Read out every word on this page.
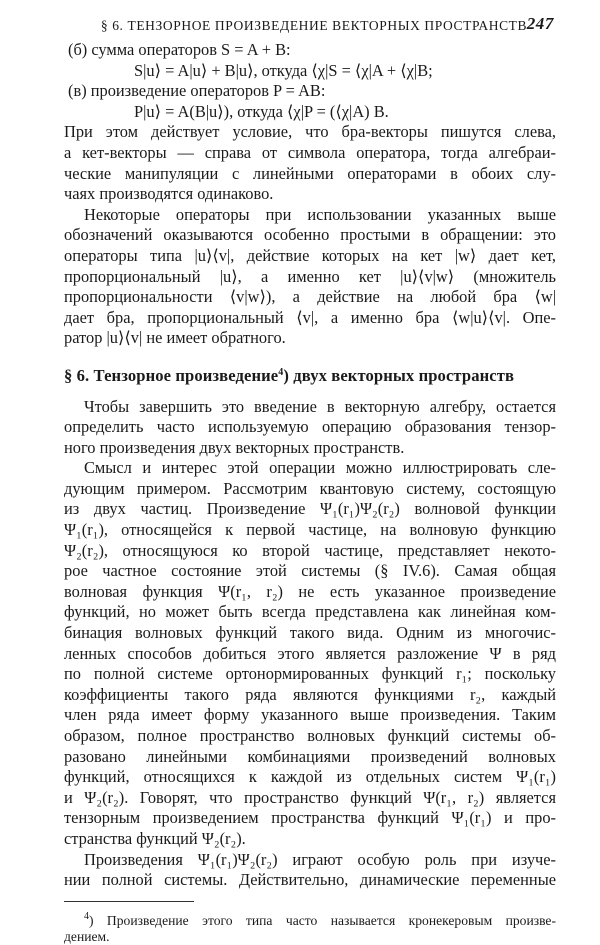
§ 6. ТЕНЗОРНОЕ ПРОИЗВЕДЕНИЕ ВЕКТОРНЫХ ПРОСТРАНСТВ 247
(б) сумма операторов S = A + B:
S|u⟩ = A|u⟩ + B|u⟩, откуда ⟨χ|S = ⟨χ|A + ⟨χ|B;
(в) произведение операторов P = AB:
P|u⟩ = A(B|u⟩), откуда ⟨χ|P = (⟨χ|A) B.
При этом действует условие, что бра-векторы пишутся слева,
а кет-векторы — справа от символа оператора, тогда алгебраи-
ческие манипуляции с линейными операторами в обоих слу-
чаях производятся одинаково.
Некоторые операторы при использовании указанных выше
обозначений оказываются особенно простыми в обращении: это
операторы типа |u⟩⟨v|, действие которых на кет |w⟩ дает кет,
пропорциональный |u⟩, а именно кет |u⟩⟨v|w⟩ (множитель
пропорциональности ⟨v|w⟩), а действие на любой бра ⟨w|
дает бра, пропорциональный ⟨v|, а именно бра ⟨w|u⟩⟨v|. Опе-
ратор |u⟩⟨v| не имеет обратного.
§ 6. Тензорное произведение$^4$) двух векторных пространств
Чтобы завершить это введение в векторную алгебру, остается
определить часто используемую операцию образования тензор-
ного произведения двух векторных пространств.
Смысл и интерес этой операции можно иллюстрировать сле-
дующим примером. Рассмотрим квантовую систему, состоящую
из двух частиц. Произведение Ψ₁(r₁)Ψ₂(r₂) волновой функции
Ψ₁(r₁), относящейся к первой частице, на волновую функцию
Ψ₂(r₂), относящуюся ко второй частице, представляет некото-
рое частное состояние этой системы (§ IV.6). Самая общая
волновая функция Ψ(r₁, r₂) не есть указанное произведение
функций, но может быть всегда представлена как линейная ком-
бинация волновых функций такого вида. Одним из многочис-
ленных способов добиться этого является разложение Ψ в ряд
по полной системе ортонормированных функций r₁; поскольку
коэффициенты такого ряда являются функциями r₂, каждый
член ряда имеет форму указанного выше произведения. Таким
образом, полное пространство волновых функций системы об-
разовано линейными комбинациями произведений волновых
функций, относящихся к каждой из отдельных систем Ψ₁(r₁)
и Ψ₂(r₂). Говорят, что пространство функций Ψ(r₁, r₂) является
тензорным произведением пространства функций Ψ₁(r₁) и про-
странства функций Ψ₂(r₂).
Произведения Ψ₁(r₁)Ψ₂(r₂) играют особую роль при изуче-
нии полной системы. Действительно, динамические переменные
$^4$) Произведение этого типа часто называется кронекеровым произве-
дением.
